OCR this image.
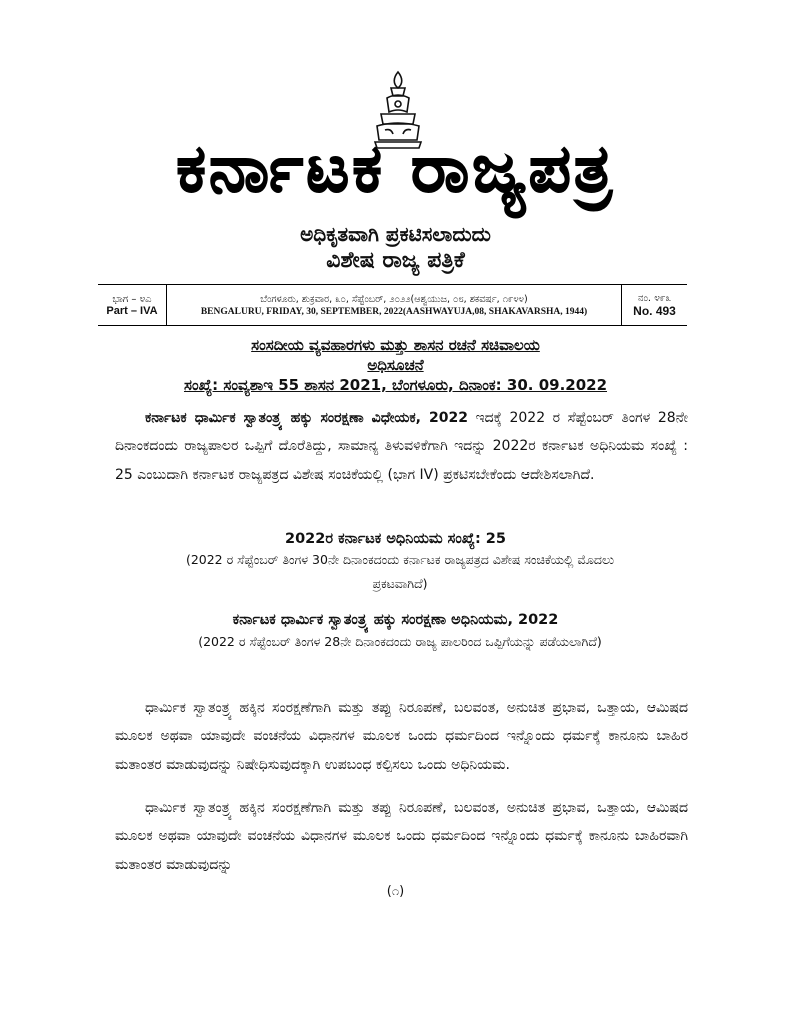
ಕರ್ನಾಟಕ ರಾಜ್ಯಪತ್ರ
ಅಧಿಕೃತವಾಗಿ ಪ್ರಕಟಿಸಲಾದುದು
ವಿಶೇಷ ರಾಜ್ಯ ಪತ್ರಿಕೆ
ಭಾಗ – ೪ಎ
Part – IVA
ಬೆಂಗಳೂರು, ಶುಕ್ರವಾರ, ೩೦, ಸೆಪ್ಟೆಂಬರ್, ೨೦೨೨(ಆಶ್ವಯುಜ, ೦೮, ಶಕವರ್ಷ, ೧೯೪೪)
BENGALURU, FRIDAY, 30, SEPTEMBER, 2022(AASHWAYUJA,08, SHAKAVARSHA, 1944)
ನಂ. ೪೯೩
No. 493
ಸಂಸದೀಯ ವ್ಯವಹಾರಗಳು ಮತ್ತು ಶಾಸನ ರಚನೆ ಸಚಿವಾಲಯ
ಅಧಿಸೂಚನೆ
ಸಂಖ್ಯೆ: ಸಂವ್ಯಶಾಇ 55 ಶಾಸನ 2021, ಬೆಂಗಳೂರು, ದಿನಾಂಕ: 30. 09.2022
ಕರ್ನಾಟಕ ಧಾರ್ಮಿಕ ಸ್ವಾತಂತ್ರ್ಯ ಹಕ್ಕು ಸಂರಕ್ಷಣಾ ವಿಧೇಯಕ, 2022 ಇದಕ್ಕೆ 2022 ರ ಸೆಪ್ಟೆಂಬರ್ ತಿಂಗಳ 28ನೇ ದಿನಾಂಕದಂದು ರಾಜ್ಯಪಾಲರ ಒಪ್ಪಿಗೆ ದೊರೆತಿದ್ದು, ಸಾಮಾನ್ಯ ತಿಳುವಳಿಕೆಗಾಗಿ ಇದನ್ನು 2022ರ ಕರ್ನಾಟಕ ಅಧಿನಿಯಮ ಸಂಖ್ಯೆ : 25 ಎಂಬುದಾಗಿ ಕರ್ನಾಟಕ ರಾಜ್ಯಪತ್ರದ ವಿಶೇಷ ಸಂಚಿಕೆಯಲ್ಲಿ (ಭಾಗ IV) ಪ್ರಕಟಿಸಬೇಕೆಂದು ಆದೇಶಿಸಲಾಗಿದೆ.
2022ರ ಕರ್ನಾಟಕ ಅಧಿನಿಯಮ ಸಂಖ್ಯೆ: 25
(2022 ರ ಸೆಪ್ಟೆಂಬರ್ ತಿಂಗಳ 30ನೇ ದಿನಾಂಕದಂದು ಕರ್ನಾಟಕ ರಾಜ್ಯಪತ್ರದ ವಿಶೇಷ ಸಂಚಿಕೆಯಲ್ಲಿ ಮೊದಲು ಪ್ರಕಟವಾಗಿದೆ)
ಕರ್ನಾಟಕ ಧಾರ್ಮಿಕ ಸ್ವಾತಂತ್ರ್ಯ ಹಕ್ಕು ಸಂರಕ್ಷಣಾ ಅಧಿನಿಯಮ, 2022
(2022 ರ ಸೆಪ್ಟೆಂಬರ್ ತಿಂಗಳ 28ನೇ ದಿನಾಂಕದಂದು ರಾಜ್ಯ ಪಾಲರಿಂದ ಒಪ್ಪಿಗೆಯನ್ನು ಪಡೆಯಲಾಗಿದೆ)
ಧಾರ್ಮಿಕ ಸ್ವಾತಂತ್ರ್ಯ ಹಕ್ಕಿನ ಸಂರಕ್ಷಣೆಗಾಗಿ ಮತ್ತು ತಪ್ಪು ನಿರೂಪಣೆ, ಬಲವಂತ, ಅನುಚಿತ ಪ್ರಭಾವ, ಒತ್ತಾಯ, ಆಮಿಷದ ಮೂಲಕ ಅಥವಾ ಯಾವುದೇ ವಂಚನೆಯ ವಿಧಾನಗಳ ಮೂಲಕ ಒಂದು ಧರ್ಮದಿಂದ ಇನ್ನೊಂದು ಧರ್ಮಕ್ಕೆ ಕಾನೂನು ಬಾಹಿರ ಮತಾಂತರ ಮಾಡುವುದನ್ನು ನಿಷೇಧಿಸುವುದಕ್ಕಾಗಿ ಉಪಬಂಧ ಕಲ್ಪಿಸಲು ಒಂದು ಅಧಿನಿಯಮ.
ಧಾರ್ಮಿಕ ಸ್ವಾತಂತ್ರ್ಯ ಹಕ್ಕಿನ ಸಂರಕ್ಷಣೆಗಾಗಿ ಮತ್ತು ತಪ್ಪು ನಿರೂಪಣೆ, ಬಲವಂತ, ಅನುಚಿತ ಪ್ರಭಾವ, ಒತ್ತಾಯ, ಆಮಿಷದ ಮೂಲಕ ಅಥವಾ ಯಾವುದೇ ವಂಚನೆಯ ವಿಧಾನಗಳ ಮೂಲಕ ಒಂದು ಧರ್ಮದಿಂದ ಇನ್ನೊಂದು ಧರ್ಮಕ್ಕೆ ಕಾನೂನು ಬಾಹಿರವಾಗಿ ಮತಾಂತರ ಮಾಡುವುದನ್ನು
(೧)
